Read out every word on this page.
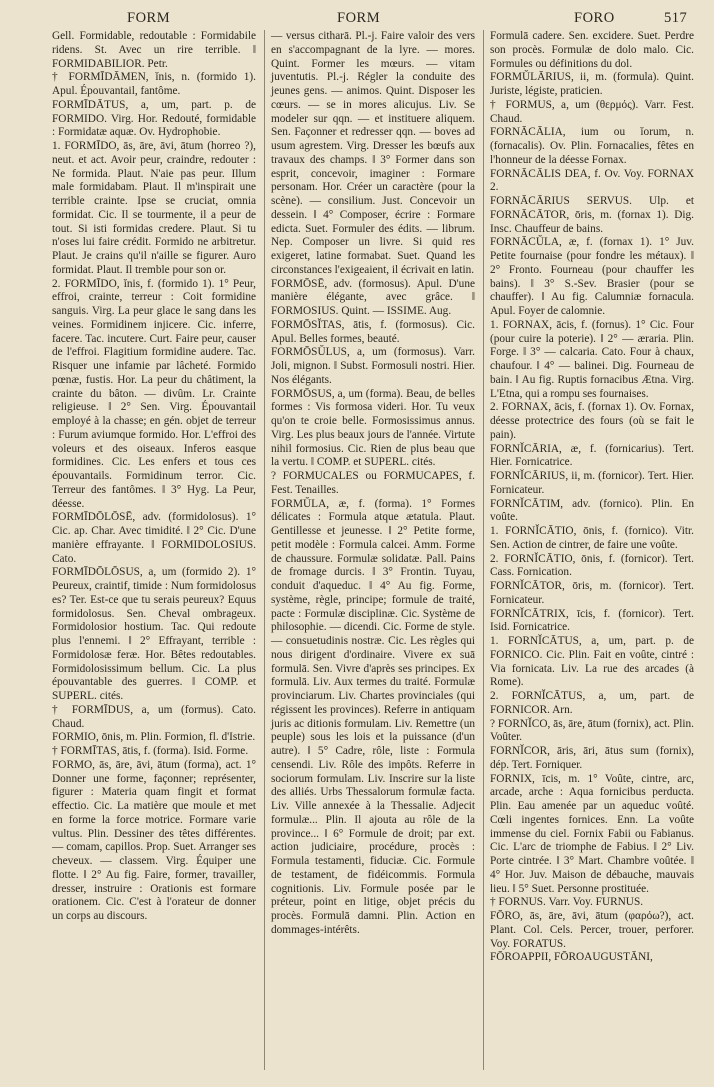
FORM	FORM	FORO	517

Gell. Formidable, redoutable : Formidabile ridens. St. Avec un rire terrible. ‖ FORMIDABILIOR. Petr.

† FORMĪDĀMEN, ĭnis, n. (formido 1). Apul. Épouvantail, fantôme.

FORMĪDĀTUS, a, um, part. p. de FORMIDO. Virg. Hor. Redouté, formidable : Formidatæ aquæ. Ov. Hydrophobie.

1. FORMĪDO, ās, āre, āvi, ātum (horreo ?), neut. et act. Avoir peur, craindre, redouter : Ne formida. Plaut. N'aie pas peur. Illum male formidabam. Plaut. Il m'inspirait une terrible crainte. Ipse se cruciat, omnia formidat. Cic. Il se tourmente, il a peur de tout. Si isti formidas credere. Plaut. Si tu n'oses lui faire crédit. Formido ne arbitretur. Plaut. Je crains qu'il n'aille se figurer. Auro formidat. Plaut. Il tremble pour son or.

2. FORMĪDO, ĭnis, f. (formido 1). 1° Peur, effroi, crainte, terreur : Coit formidine sanguis. Virg. La peur glace le sang dans les veines. Formidinem injicere. Cic. inferre, facere. Tac. incutere. Curt. Faire peur, causer de l'effroi. Flagitium formidine audere. Tac. Risquer une infamie par lâcheté. Formido pœnæ, fustis. Hor. La peur du châtiment, la crainte du bâton. — divûm. Lr. Crainte religieuse. ‖ 2° Sen. Virg. Épouvantail employé à la chasse; en gén. objet de terreur : Furum aviumque formido. Hor. L'effroi des voleurs et des oiseaux. Inferos easque formidines. Cic. Les enfers et tous ces épouvantails. Formidinum terror. Cic. Terreur des fantômes. ‖ 3° Hyg. La Peur, déesse.

FORMĪDŌLŌSĒ, adv. (formidolosus). 1° Cic. ap. Char. Avec timidité. ‖ 2° Cic. D'une manière effrayante. ‖ FORMIDOLOSIUS. Cato.

FORMĪDŌLŌSUS, a, um (formido 2). 1° Peureux, craintif, timide : Num formidolosus es? Ter. Est-ce que tu serais peureux? Equus formidolosus. Sen. Cheval ombrageux. Formidolosior hostium. Tac. Qui redoute plus l'ennemi. ‖ 2° Effrayant, terrible : Formidolosæ feræ. Hor. Bêtes redoutables. Formidolosissimum bellum. Cic. La plus épouvantable des guerres. ‖ COMP. et SUPERL. cités.

† FORMĪDUS, a, um (formus). Cato. Chaud.

FORMIO, ōnis, m. Plin. Formion, fl. d'Istrie.

† FORMĪTAS, ātis, f. (forma). Isid. Forme.

FORMO, ās, āre, āvi, ātum (forma), act. 1° Donner une forme, façonner; représenter, figurer : Materia quam fingit et format effectio. Cic. La matière que moule et met en forme la force motrice. Formare varie vultus. Plin. Dessiner des têtes différentes. — comam, capillos. Prop. Suet. Arranger ses cheveux. — classem. Virg. Équiper une flotte. ‖ 2° Au fig. Faire, former, travailler, dresser, instruire : Orationis est formare orationem. Cic. C'est à l'orateur de donner un corps au discours.

— versus citharā. Pl.-j. Faire valoir des vers en s'accompagnant de la lyre. — mores. Quint. Former les mœurs. — vitam juventutis. Pl.-j. Régler la conduite des jeunes gens. — animos. Quint. Disposer les cœurs. — se in mores alicujus. Liv. Se modeler sur qqn. — et instituere aliquem. Sen. Façonner et redresser qqn. — boves ad usum agrestem. Virg. Dresser les bœufs aux travaux des champs. ‖ 3° Former dans son esprit, concevoir, imaginer : Formare personam. Hor. Créer un caractère (pour la scène). — consilium. Just. Concevoir un dessein. ‖ 4° Composer, écrire : Formare edicta. Suet. Formuler des édits. — librum. Nep. Composer un livre. Si quid res exigeret, latine formabat. Suet. Quand les circonstances l'exigeaient, il écrivait en latin.

FORMŌSĒ, adv. (formosus). Apul. D'une manière élégante, avec grâce. ‖ FORMOSIUS. Quint. — ISSIME. Aug.

FORMŌSĬTAS, ātis, f. (formosus). Cic. Apul. Belles formes, beauté.

FORMŌSŬLUS, a, um (formosus). Varr. Joli, mignon. ‖ Subst. Formosuli nostri. Hier. Nos élégants.

FORMŌSUS, a, um (forma). Beau, de belles formes : Vis formosa videri. Hor. Tu veux qu'on te croie belle. Formosissimus annus. Virg. Les plus beaux jours de l'année. Virtute nihil formosius. Cic. Rien de plus beau que la vertu. ‖ COMP. et SUPERL. cités.

? FORMUCALES ou FORMUCAPES, f. Fest. Tenailles.

FORMŬLA, æ, f. (forma). 1° Formes délicates : Formula atque ætatula. Plaut. Gentillesse et jeunesse. ‖ 2° Petite forme, petit modèle : Formula calcei. Amm. Forme de chaussure. Formulæ solidatæ. Pall. Pains de fromage durcis. ‖ 3° Frontin. Tuyau, conduit d'aqueduc. ‖ 4° Au fig. Forme, système, règle, principe; formule de traité, pacte : Formulæ disciplinæ. Cic. Système de philosophie. — dicendi. Cic. Forme de style. — consuetudinis nostræ. Cic. Les règles qui nous dirigent d'ordinaire. Vivere ex suā formulā. Sen. Vivre d'après ses principes. Ex formulā. Liv. Aux termes du traité. Formulæ provinciarum. Liv. Chartes provinciales (qui régissent les provinces). Referre in antiquam juris ac ditionis formulam. Liv. Remettre (un peuple) sous les lois et la puissance (d'un autre). ‖ 5° Cadre, rôle, liste : Formula censendi. Liv. Rôle des impôts. Referre in sociorum formulam. Liv. Inscrire sur la liste des alliés. Urbs Thessalorum formulæ facta. Liv. Ville annexée à la Thessalie. Adjecit formulæ... Plin. Il ajouta au rôle de la province... ‖ 6° Formule de droit; par ext. action judiciaire, procédure, procès : Formula testamenti, fiduciæ. Cic. Formule de testament, de fidéicommis. Formula cognitionis. Liv. Formule posée par le préteur, point en litige, objet précis du procès. Formulā damni. Plin. Action en dommages-intérêts.

Formulā cadere. Sen. excidere. Suet. Perdre son procès. Formulæ de dolo malo. Cic. Formules ou définitions du dol.

FORMŬLĀRIUS, ii, m. (formula). Quint. Juriste, légiste, praticien.

† FORMUS, a, um (θερμός). Varr. Fest. Chaud.

FORNĀCĀLIA, ium ou ĭorum, n. (fornacalis). Ov. Plin. Fornacalies, fêtes en l'honneur de la déesse Fornax.

FORNĀCĀLIS DEA, f. Ov. Voy. FORNAX 2.

FORNĀCĀRIUS SERVUS. Ulp. et FORNĀCĀTOR, ōris, m. (fornax 1). Dig. Insc. Chauffeur de bains.

FORNĀCŬLA, æ, f. (fornax 1). 1° Juv. Petite fournaise (pour fondre les métaux). ‖ 2° Fronto. Fourneau (pour chauffer les bains). ‖ 3° S.-Sev. Brasier (pour se chauffer). ‖ Au fig. Calumniæ fornacula. Apul. Foyer de calomnie.

1. FORNAX, ācis, f. (fornus). 1° Cic. Four (pour cuire la poterie). ‖ 2° — ærariа. Plin. Forge. ‖ 3° — calcaria. Cato. Four à chaux, chaufour. ‖ 4° — balinei. Dig. Fourneau de bain. ‖ Au fig. Ruptis fornacibus Ætna. Virg. L'Etna, qui a rompu ses fournaises.

2. FORNAX, ācis, f. (fornax 1). Ov. Fornax, déesse protectrice des fours (où se fait le pain).

FORNĬCĀRIA, æ, f. (fornicarius). Tert. Hier. Fornicatrice.

FORNĬCĀRIUS, ii, m. (fornicor). Tert. Hier. Fornicateur.

FORNĬCĀTIM, adv. (fornico). Plin. En voûte.

1. FORNĬCĀTIO, ōnis, f. (fornico). Vitr. Sen. Action de cintrer, de faire une voûte.

2. FORNĬCĀTIO, ōnis, f. (fornicor). Tert. Cass. Fornication.

FORNĬCĀTOR, ōris, m. (fornicor). Tert. Fornicateur.

FORNĬCĀTRIX, īcis, f. (fornicor). Tert. Isid. Fornicatrice.

1. FORNĬCĀTUS, a, um, part. p. de FORNICO. Cic. Plin. Fait en voûte, cintré : Via fornicata. Liv. La rue des arcades (à Rome).

2. FORNĬCĀTUS, a, um, part. de FORNICOR. Arn.

? FORNĬCO, ās, āre, ātum (fornix), act. Plin. Voûter.

FORNĬCOR, āris, āri, ātus sum (fornix), dép. Tert. Forniquer.

FORNIX, īcis, m. 1° Voûte, cintre, arc, arcade, arche : Aqua fornicibus perducta. Plin. Eau amenée par un aqueduc voûté. Cœli ingentes fornices. Enn. La voûte immense du ciel. Fornix Fabii ou Fabianus. Cic. L'arc de triomphe de Fabius. ‖ 2° Liv. Porte cintrée. ‖ 3° Mart. Chambre voûtée. ‖ 4° Hor. Juv. Maison de débauche, mauvais lieu. ‖ 5° Suet. Personne prostituée.

† FORNUS. Varr. Voy. FURNUS.

FŌRO, ās, āre, āvi, ātum (φαρόω?), act. Plant. Col. Cels. Percer, trouer, perforer. Voy. FORATUS.

FŌROAPPII, FŌROAUGUSTĀNI,
